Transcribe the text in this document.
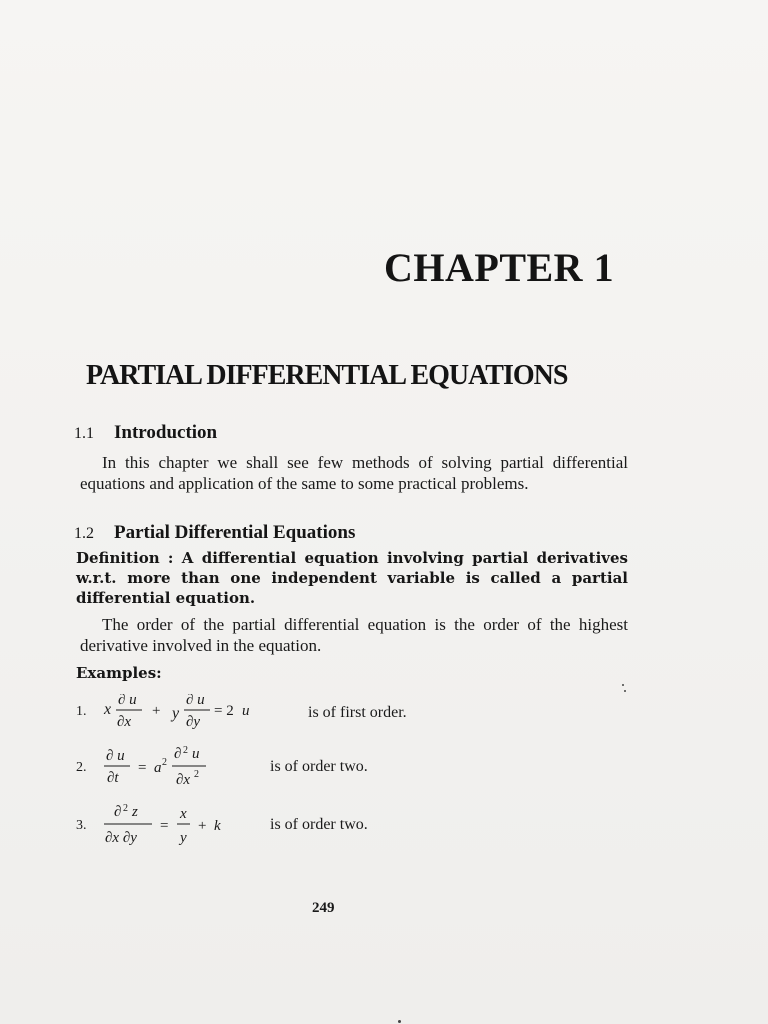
CHAPTER 1
PARTIAL DIFFERENTIAL EQUATIONS
1.1 Introduction
In this chapter we shall see few methods of solving partial differential equations and application of the same to some practical problems.
1.2 Partial Differential Equations
Definition : A differential equation involving partial derivatives w.r.t. more than one independent variable is called a partial differential equation.
The order of the partial differential equation is the order of the highest derivative involved in the equation.
Examples:
1. x
∂ u
∂x
+ y
∂ u
∂y
= 2 u	is of first order.
2.
∂ u
∂t
= a 2
∂ 2 u
∂x 2	is of order two.
3.
∂ 2 z
∂x ∂y
=
x
y
+ k	is of order two.
249
